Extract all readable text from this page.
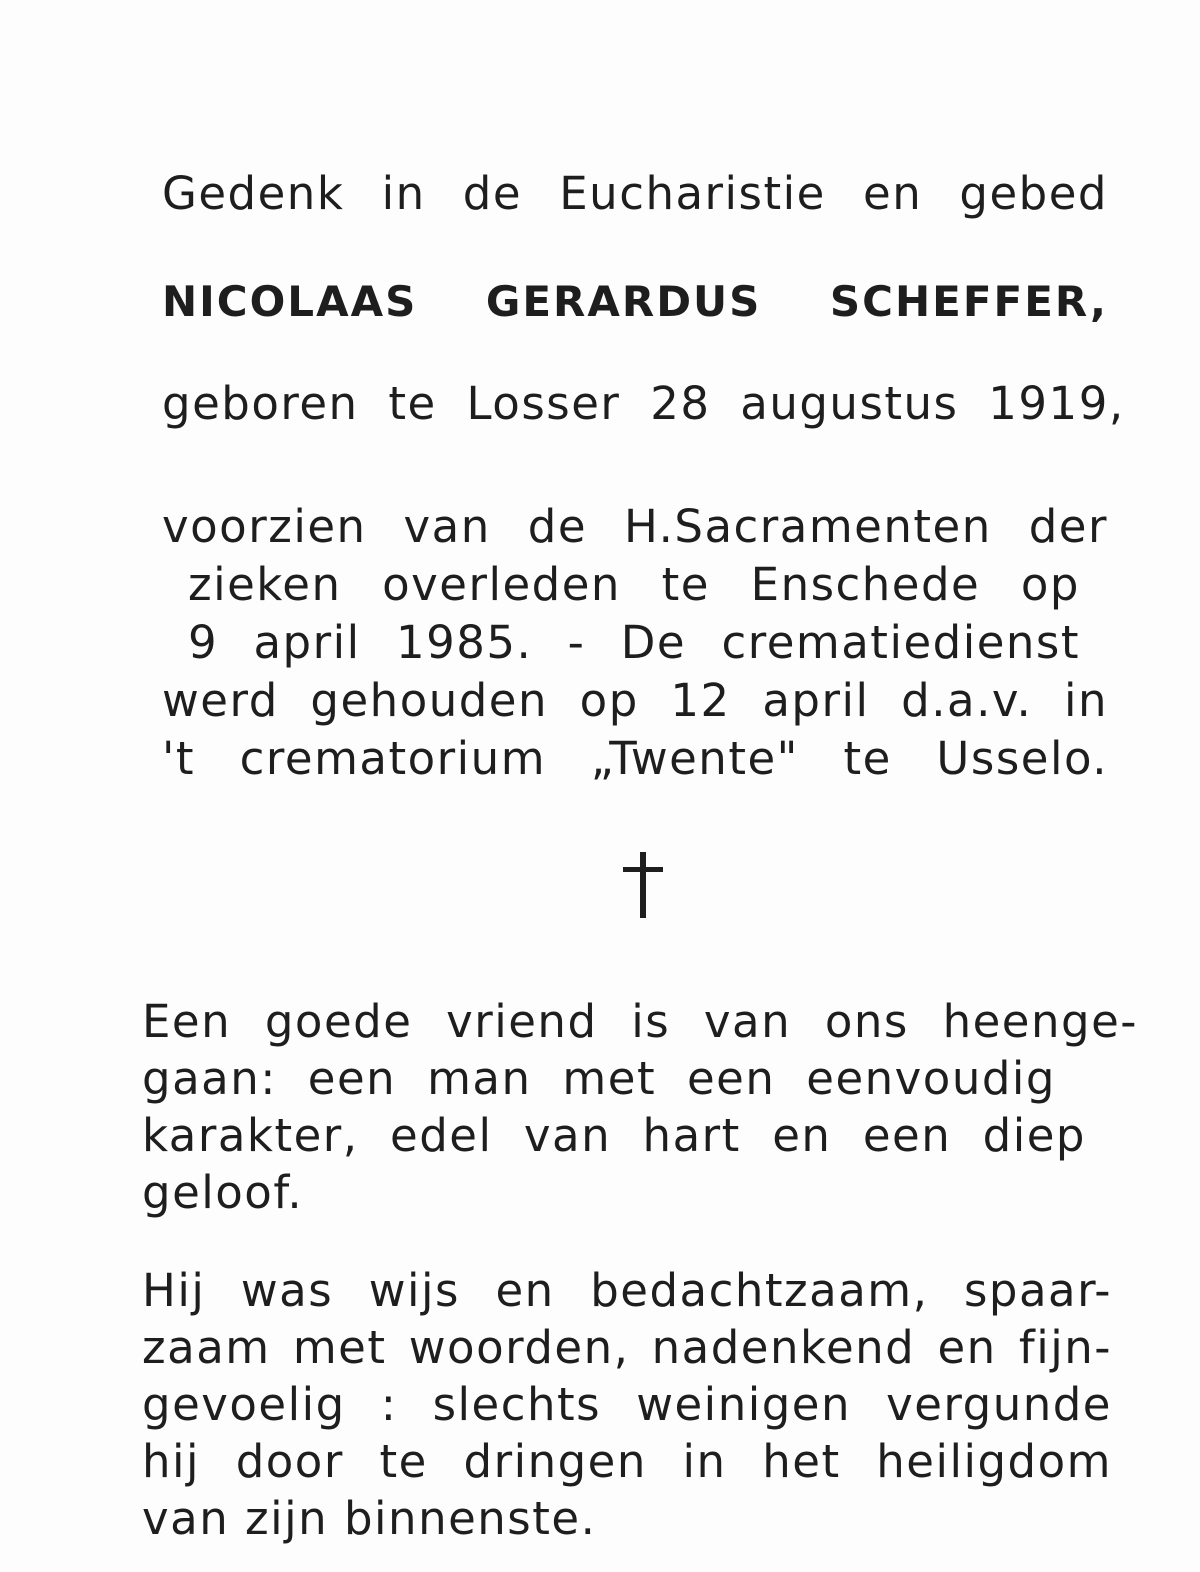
Gedenk in de Eucharistie en gebed
NICOLAAS GERARDUS SCHEFFER,
geboren te Losser 28 augustus 1919,
voorzien van de H.Sacramenten der
zieken overleden te Enschede op
9 april 1985. - De crematiedienst
werd gehouden op 12 april d.a.v. in
't crematorium „Twente" te Usselo.
Een goede vriend is van ons heenge-
gaan: een man met een eenvoudig
karakter, edel van hart en een diep
geloof.
Hij was wijs en bedachtzaam, spaar-
zaam met woorden, nadenkend en fijn-
gevoelig : slechts weinigen vergunde
hij door te dringen in het heiligdom
van zijn binnenste.
